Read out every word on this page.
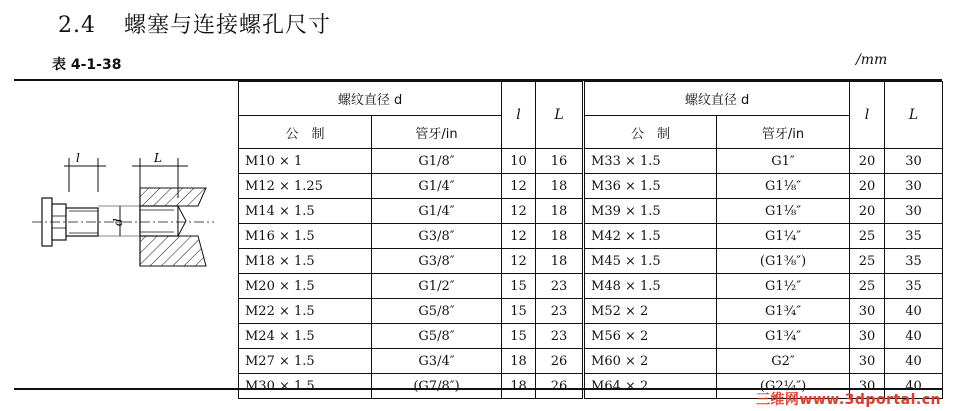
2.4 螺塞与连接螺孔尺寸
表 4-1-38	/mm
l	L
d
螺纹直径 d		l	L	螺纹直径 d		l	L
公　制	管牙/in			公　制	管牙/in		
M10 × 1	G1/8″	10	16	M33 × 1.5	G1″	20	30
M12 × 1.25	G1/4″	12	18	M36 × 1.5	G1⅛″	20	30
M14 × 1.5	G1/4″	12	18	M39 × 1.5	G1⅛″	20	30
M16 × 1.5	G3/8″	12	18	M42 × 1.5	G1¼″	25	35
M18 × 1.5	G3/8″	12	18	M45 × 1.5	(G1⅜″)	25	35
M20 × 1.5	G1/2″	15	23	M48 × 1.5	G1½″	25	35
M22 × 1.5	G5/8″	15	23	M52 × 2	G1¾″	30	40
M24 × 1.5	G5/8″	15	23	M56 × 2	G1¾″	30	40
M27 × 1.5	G3/4″	18	26	M60 × 2	G2″	30	40
M30 × 1.5	(G7/8″)	18	26	M64 × 2	(G2¼″)	30	40
三维网www.3dportal.cn
